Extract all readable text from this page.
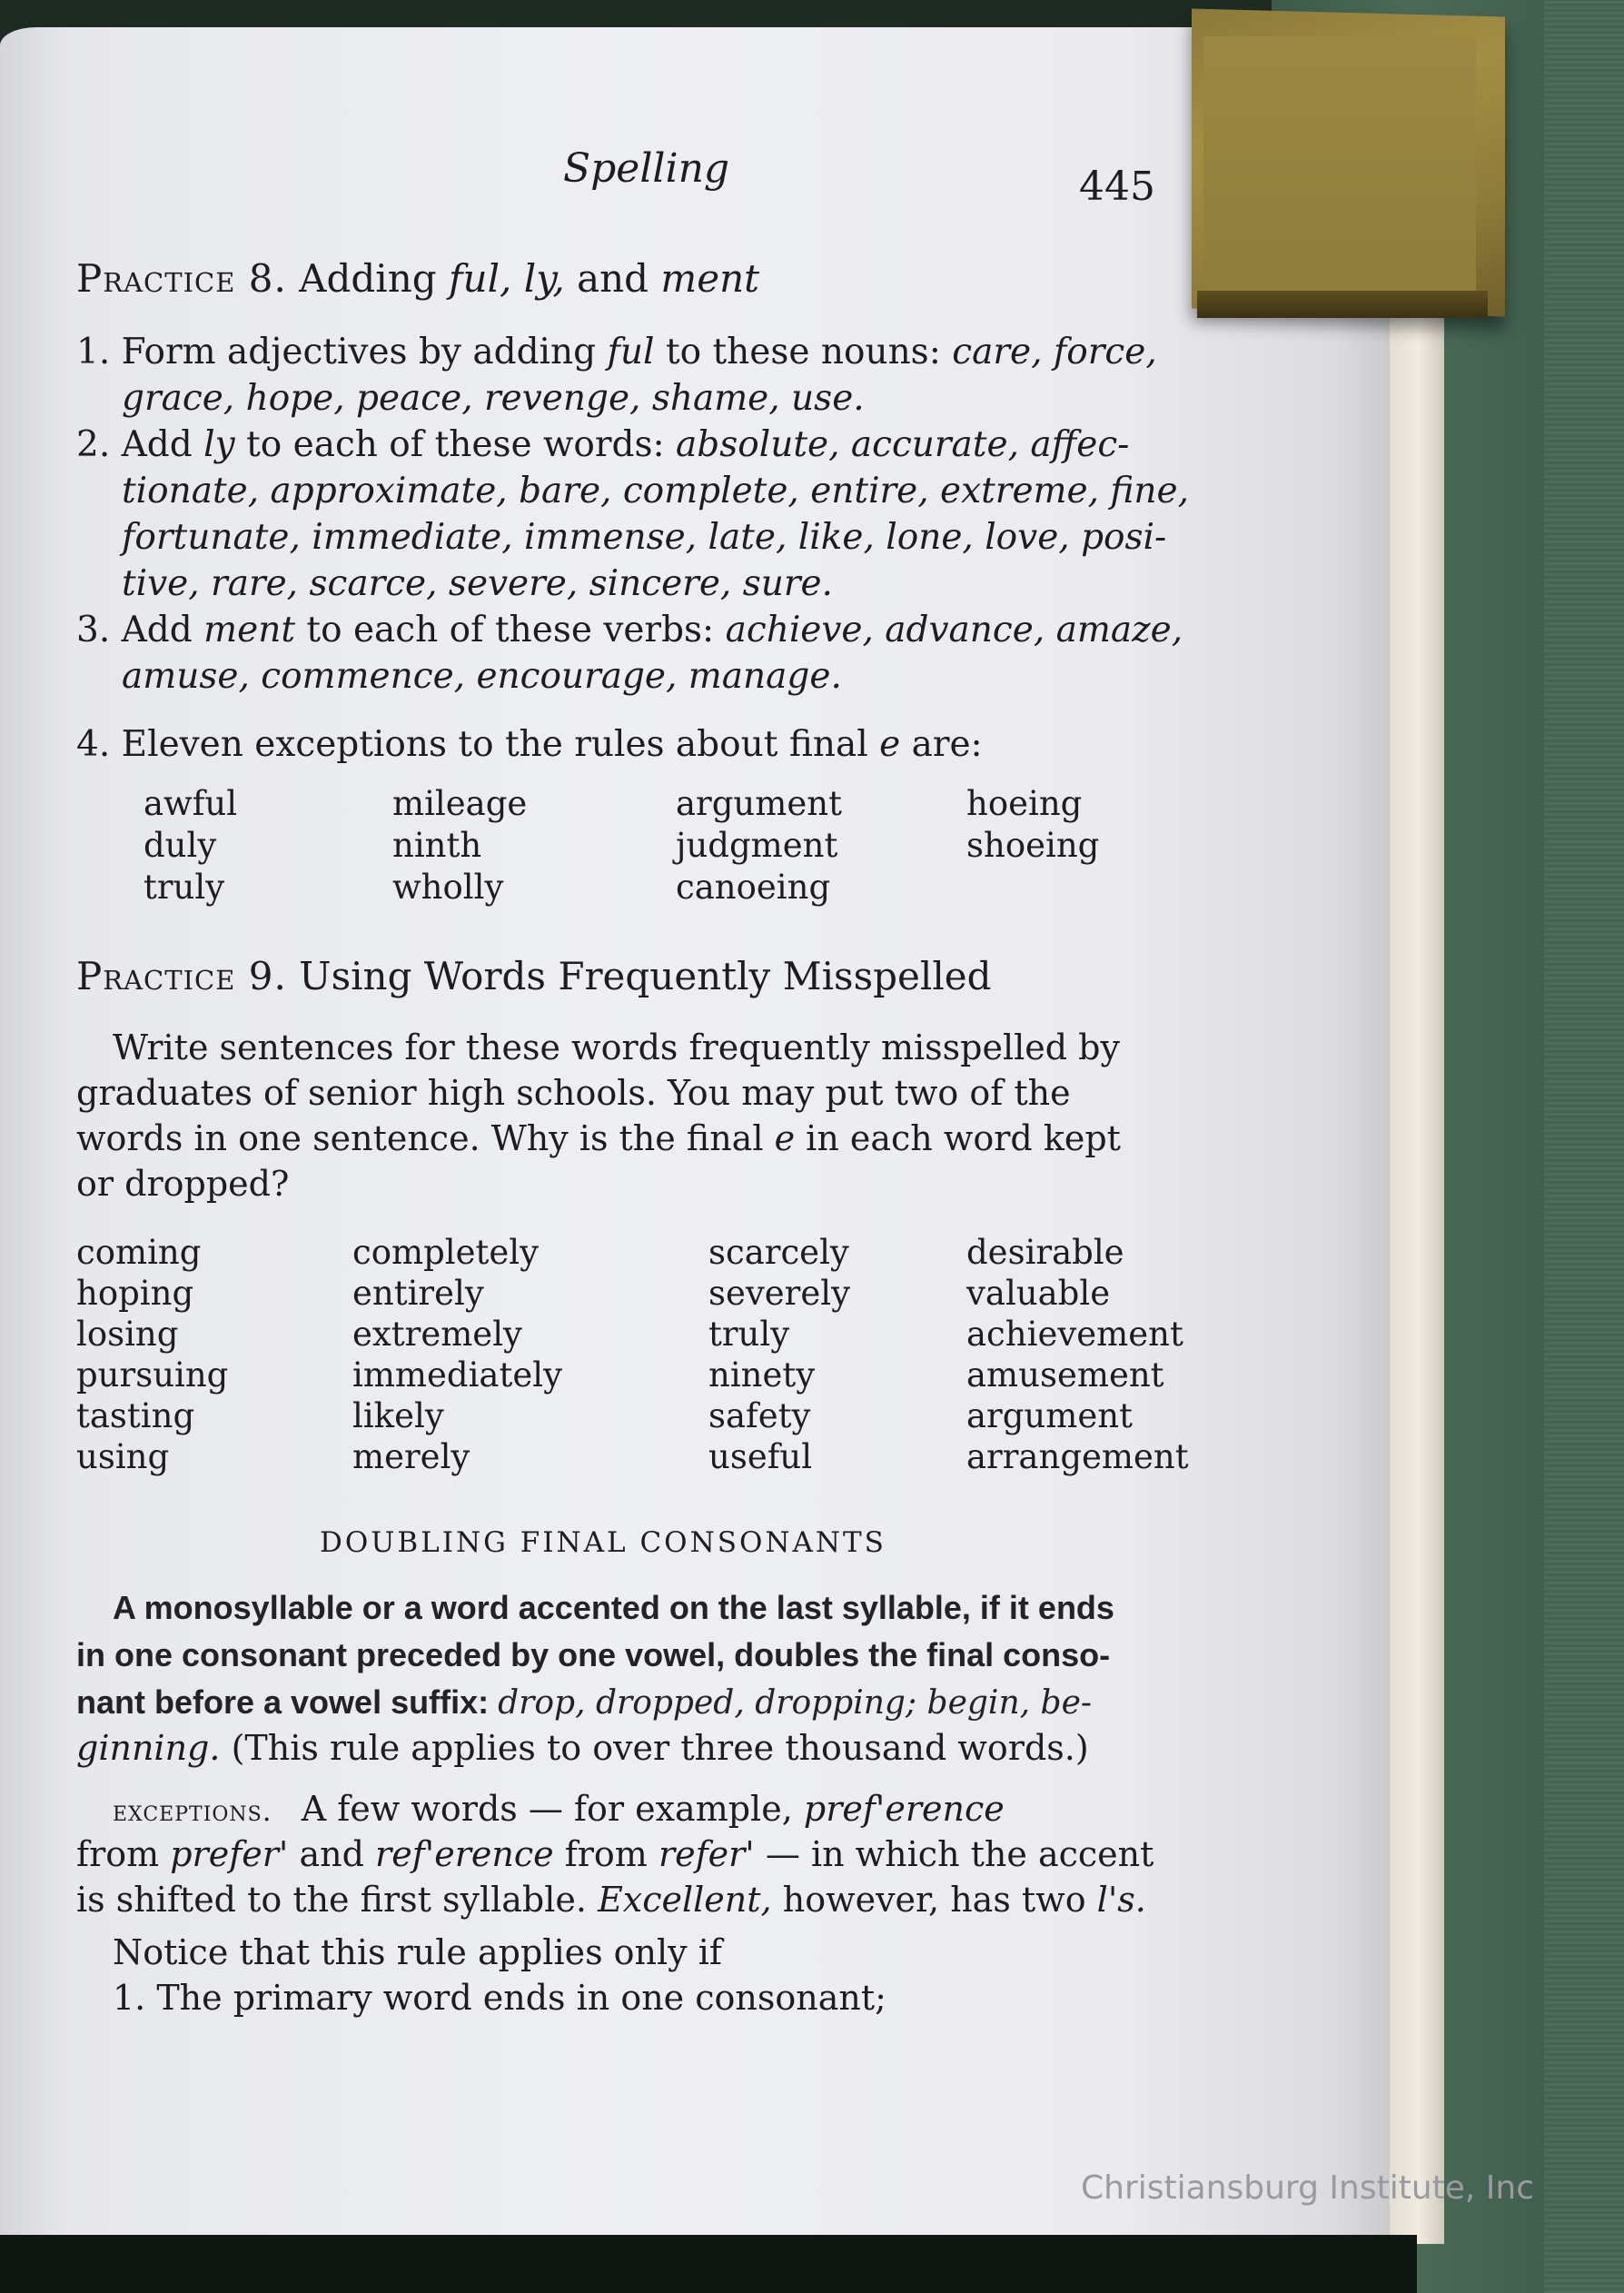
Spelling	445
Practice 8. Adding ful, ly, and ment
1. Form adjectives by adding ful to these nouns: care, force,
grace, hope, peace, revenge, shame, use.
2. Add ly to each of these words: absolute, accurate, affec-
tionate, approximate, bare, complete, entire, extreme, fine,
fortunate, immediate, immense, late, like, lone, love, posi-
tive, rare, scarce, severe, sincere, sure.
3. Add ment to each of these verbs: achieve, advance, amaze,
amuse, commence, encourage, manage.
4. Eleven exceptions to the rules about final e are:
awful
duly
truly
mileage
ninth
wholly
argument
judgment
canoeing
hoeing
shoeing
Practice 9. Using Words Frequently Misspelled
Write sentences for these words frequently misspelled by
graduates of senior high schools. You may put two of the
words in one sentence. Why is the final e in each word kept
or dropped?
coming
hoping
losing
pursuing
tasting
using
completely
entirely
extremely
immediately
likely
merely
scarcely
severely
truly
ninety
safety
useful
desirable
valuable
achievement
amusement
argument
arrangement
DOUBLING FINAL CONSONANTS
A monosyllable or a word accented on the last syllable, if it ends
in one consonant preceded by one vowel, doubles the final conso-
nant before a vowel suffix: drop, dropped, dropping; begin, be-
ginning. (This rule applies to over three thousand words.)
exceptions. A few words — for example, pref'erence
from prefer' and ref'erence from refer' — in which the accent
is shifted to the first syllable. Excellent, however, has two l's.
Notice that this rule applies only if
1. The primary word ends in one consonant;
Christiansburg Institute, Inc
